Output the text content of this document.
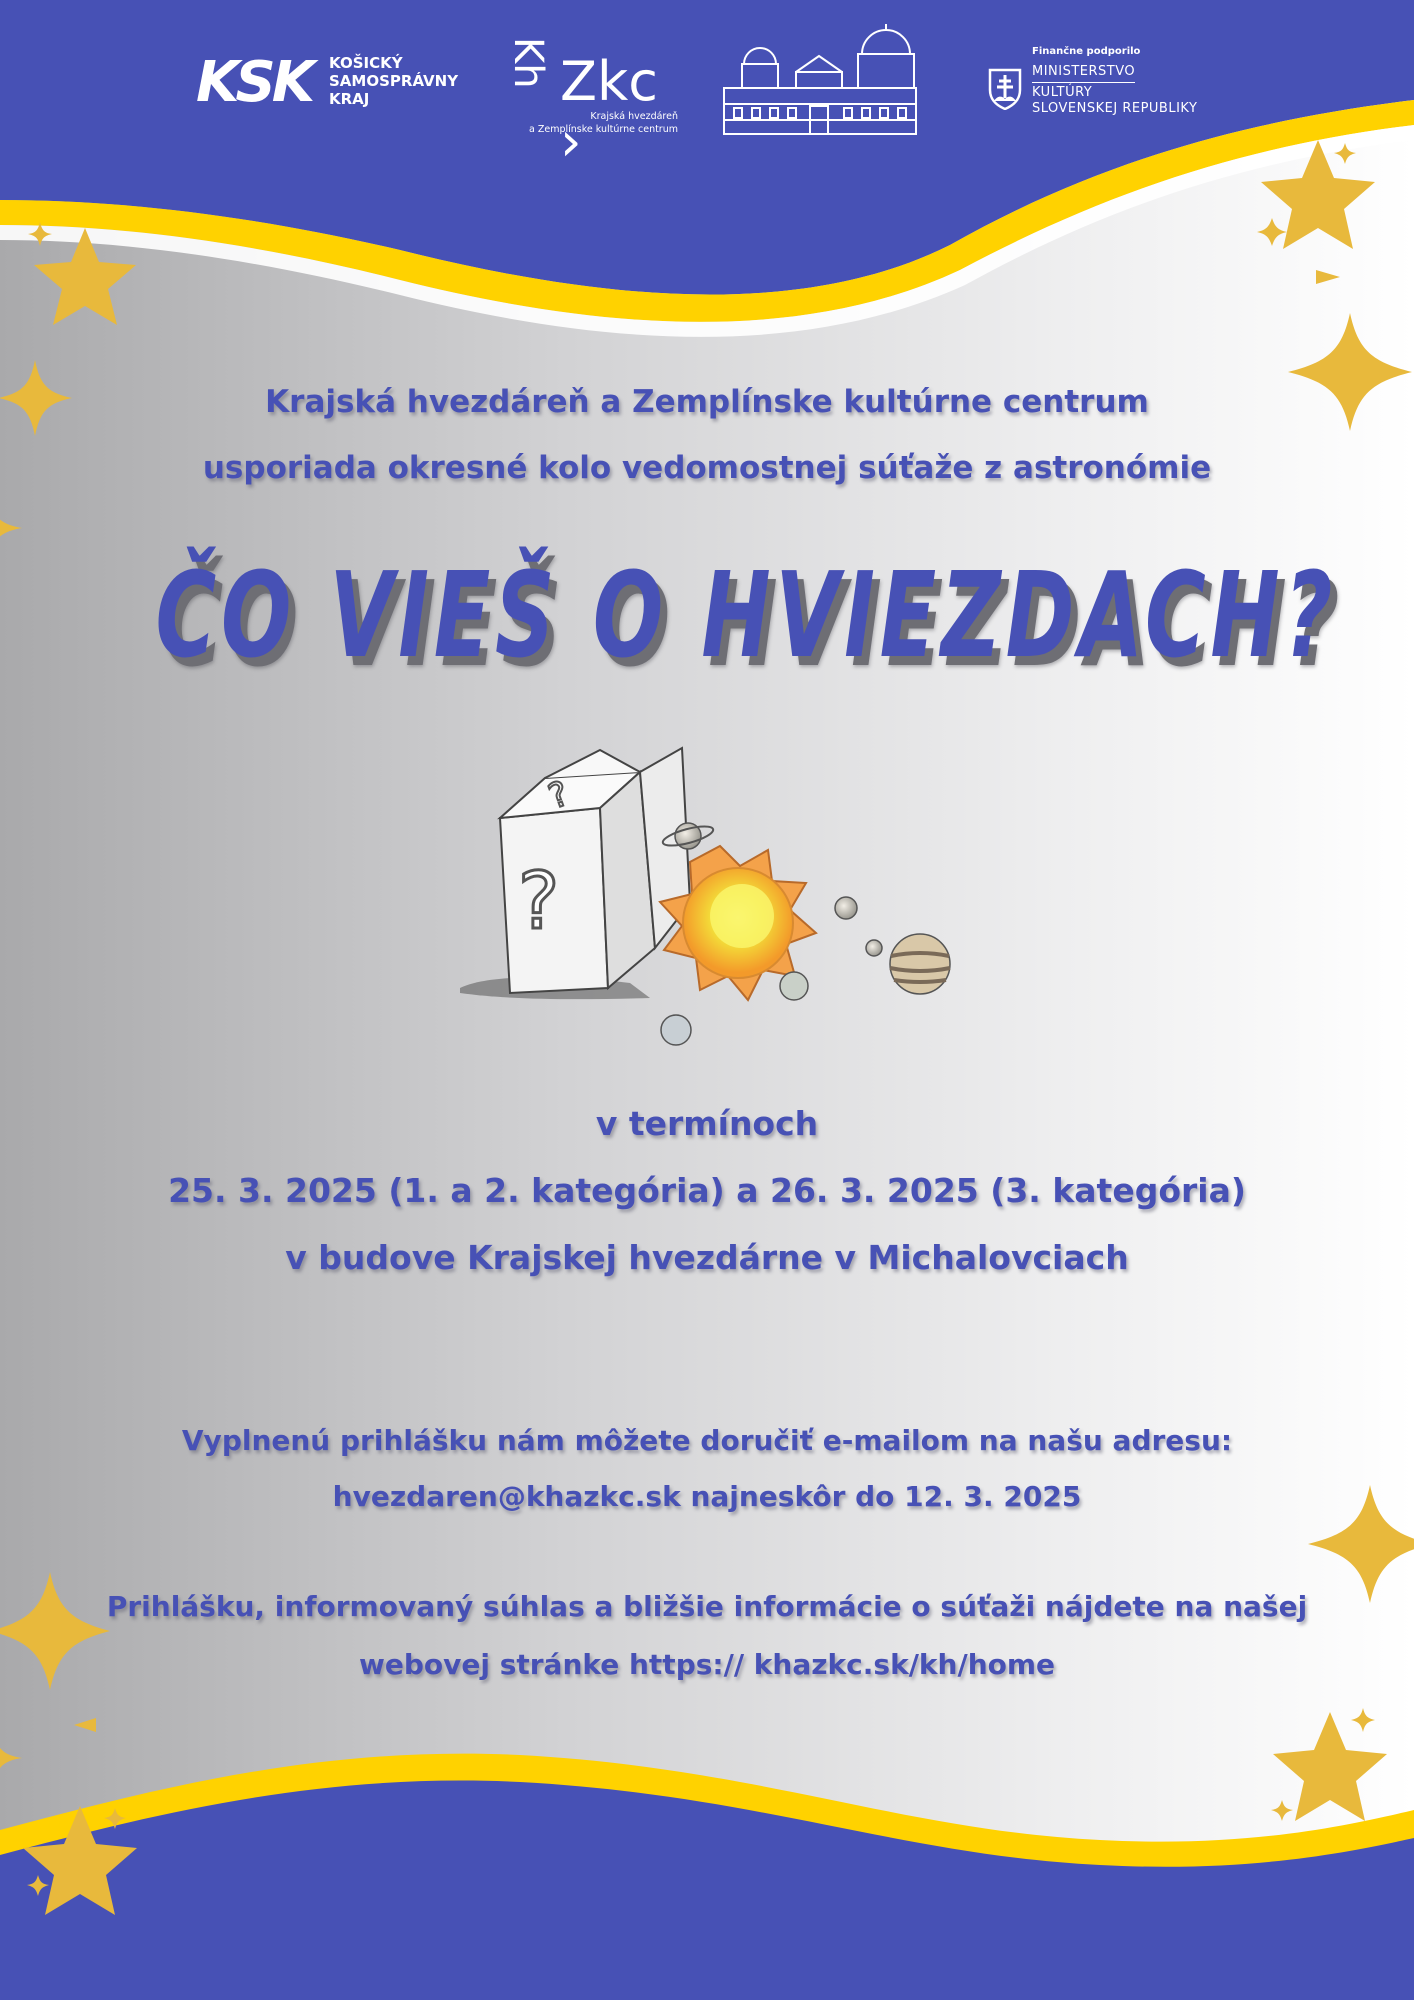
KSK KOŠICKÝ
SAMOSPRÁVNY
KRAJ
Kh Zkc › Krajská hvezdáreň
a Zemplínske kultúrne centrum
Finančne podporilo
MINISTERSTVO
KULTÚRY
SLOVENSKEJ REPUBLIKY
Krajská hvezdáreň a Zemplínske kultúrne centrum
usporiada okresné kolo vedomostnej súťaže z astronómie
ČO VIEŠ O HVIEZDACH?
?
?
v termínoch
25. 3. 2025 (1. a 2. kategória) a 26. 3. 2025 (3. kategória)
v budove Krajskej hvezdárne v Michalovciach
Vyplnenú prihlášku nám môžete doručiť e-mailom na našu adresu:
hvezdaren@khazkc.sk najneskôr do 12. 3. 2025
Prihlášku, informovaný súhlas a bližšie informácie o súťaži nájdete na našej
webovej stránke https:// khazkc.sk/kh/home
